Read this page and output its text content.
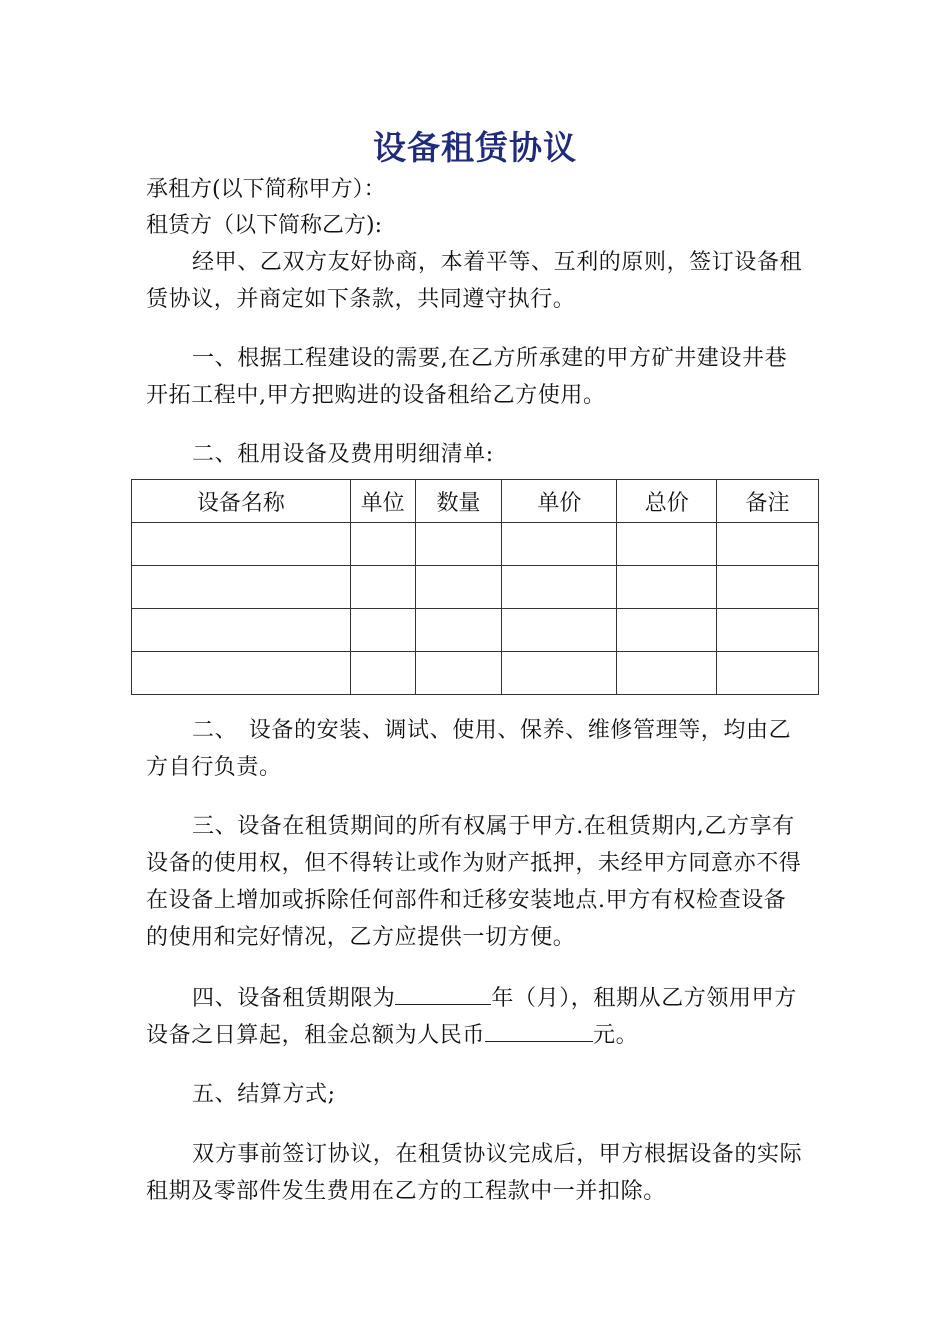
设备租赁协议
承租方(以下简称甲方）：
租赁方（以下简称乙方):
经甲、乙双方友好协商，本着平等、互利的原则，签订设备租赁协议，并商定如下条款，共同遵守执行。
一、根据工程建设的需要,在乙方所承建的甲方矿井建设井巷开拓工程中,甲方把购进的设备租给乙方使用。
二、租用设备及费用明细清单:
设备名称	单位	数量	单价	总价	备注

二、　设备的安装、调试、使用、保养、维修管理等，均由乙方自行负责。
三、设备在租赁期间的所有权属于甲方.在租赁期内,乙方享有设备的使用权，但不得转让或作为财产抵押，未经甲方同意亦不得在设备上增加或拆除任何部件和迁移安装地点.甲方有权检查设备的使用和完好情况，乙方应提供一切方便。
四、设备租赁期限为	年（月），租期从乙方领用甲方设备之日算起，租金总额为人民币	元。
五、结算方式;
双方事前签订协议，在租赁协议完成后，甲方根据设备的实际租期及零部件发生费用在乙方的工程款中一并扣除。
